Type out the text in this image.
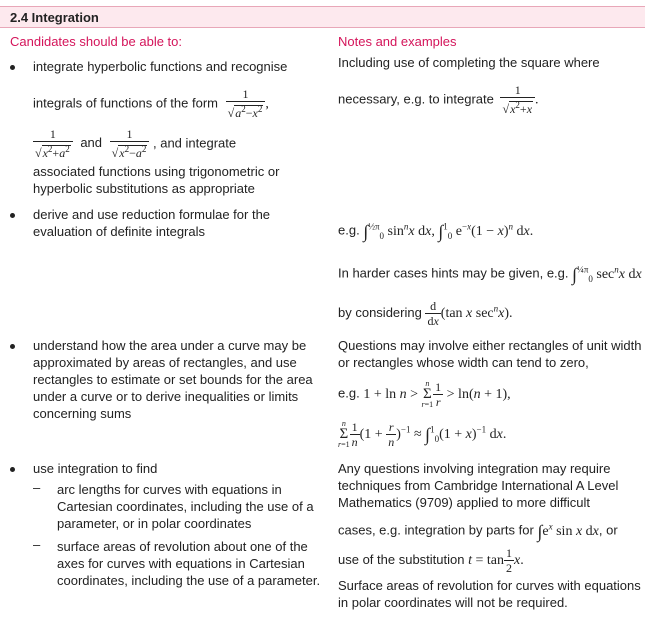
2.4 Integration
Candidates should be able to:	Notes and examples
integrate hyperbolic functions and recognise
integrals of functions of the form $\frac{1}{√a^2-x^2}$ ,
$\frac{1}{√x^2+a^2}$ and $\frac{1}{√x^2-a^2}$ , and integrate
associated functions using trigonometric or
hyperbolic substitutions as appropriate
derive and use reduction formulae for the
evaluation of definite integrals
understand how the area under a curve may be
approximated by areas of rectangles, and use
rectangles to estimate or set bounds for the area
under a curve or to derive inequalities or limits
concerning sums
use integration to find
– arc lengths for curves with equations in
Cartesian coordinates, including the use of a
parameter, or in polar coordinates
– surface areas of revolution about one of the
axes for curves with equations in Cartesian
coordinates, including the use of a parameter.
Including use of completing the square where
necessary, e.g. to integrate $\frac{1}{√x^2+x}$ .
e.g. ∫$^{\frac{1}{2}\pi}_0$ $\sin^nx$ dx, ∫$^1_0$ $e^{-x}(1 - x)^n$ dx.
In harder cases hints may be given, e.g. ∫$^{\frac{1}{4}\pi}_0$ $\sec^nx$ dx
by considering $\frac{d}{dx} (\tan$ x $\sec^nx$).
Questions may involve either rectangles of unit width
or rectangles whose width can tend to zero,
e.g. 1 + ln n > n
Σ
$r=1 \frac{1}{r} > \ln(n + 1)$,
n
Σ
$r=1 \frac{1}{n} (1 + \frac{r}{n} )^{-1} \approx \int^1_0(1 + x)^{-1}$ dx.
Any questions involving integration may require
techniques from Cambridge International A Level
Mathematics (9709) applied to more difficult
cases, e.g. integration by parts for $\int e^x$ sin x dx, or
use of the substitution $t = \tan \frac{1}{2} x$.
Surface areas of revolution for curves with equations
in polar coordinates will not be required.
